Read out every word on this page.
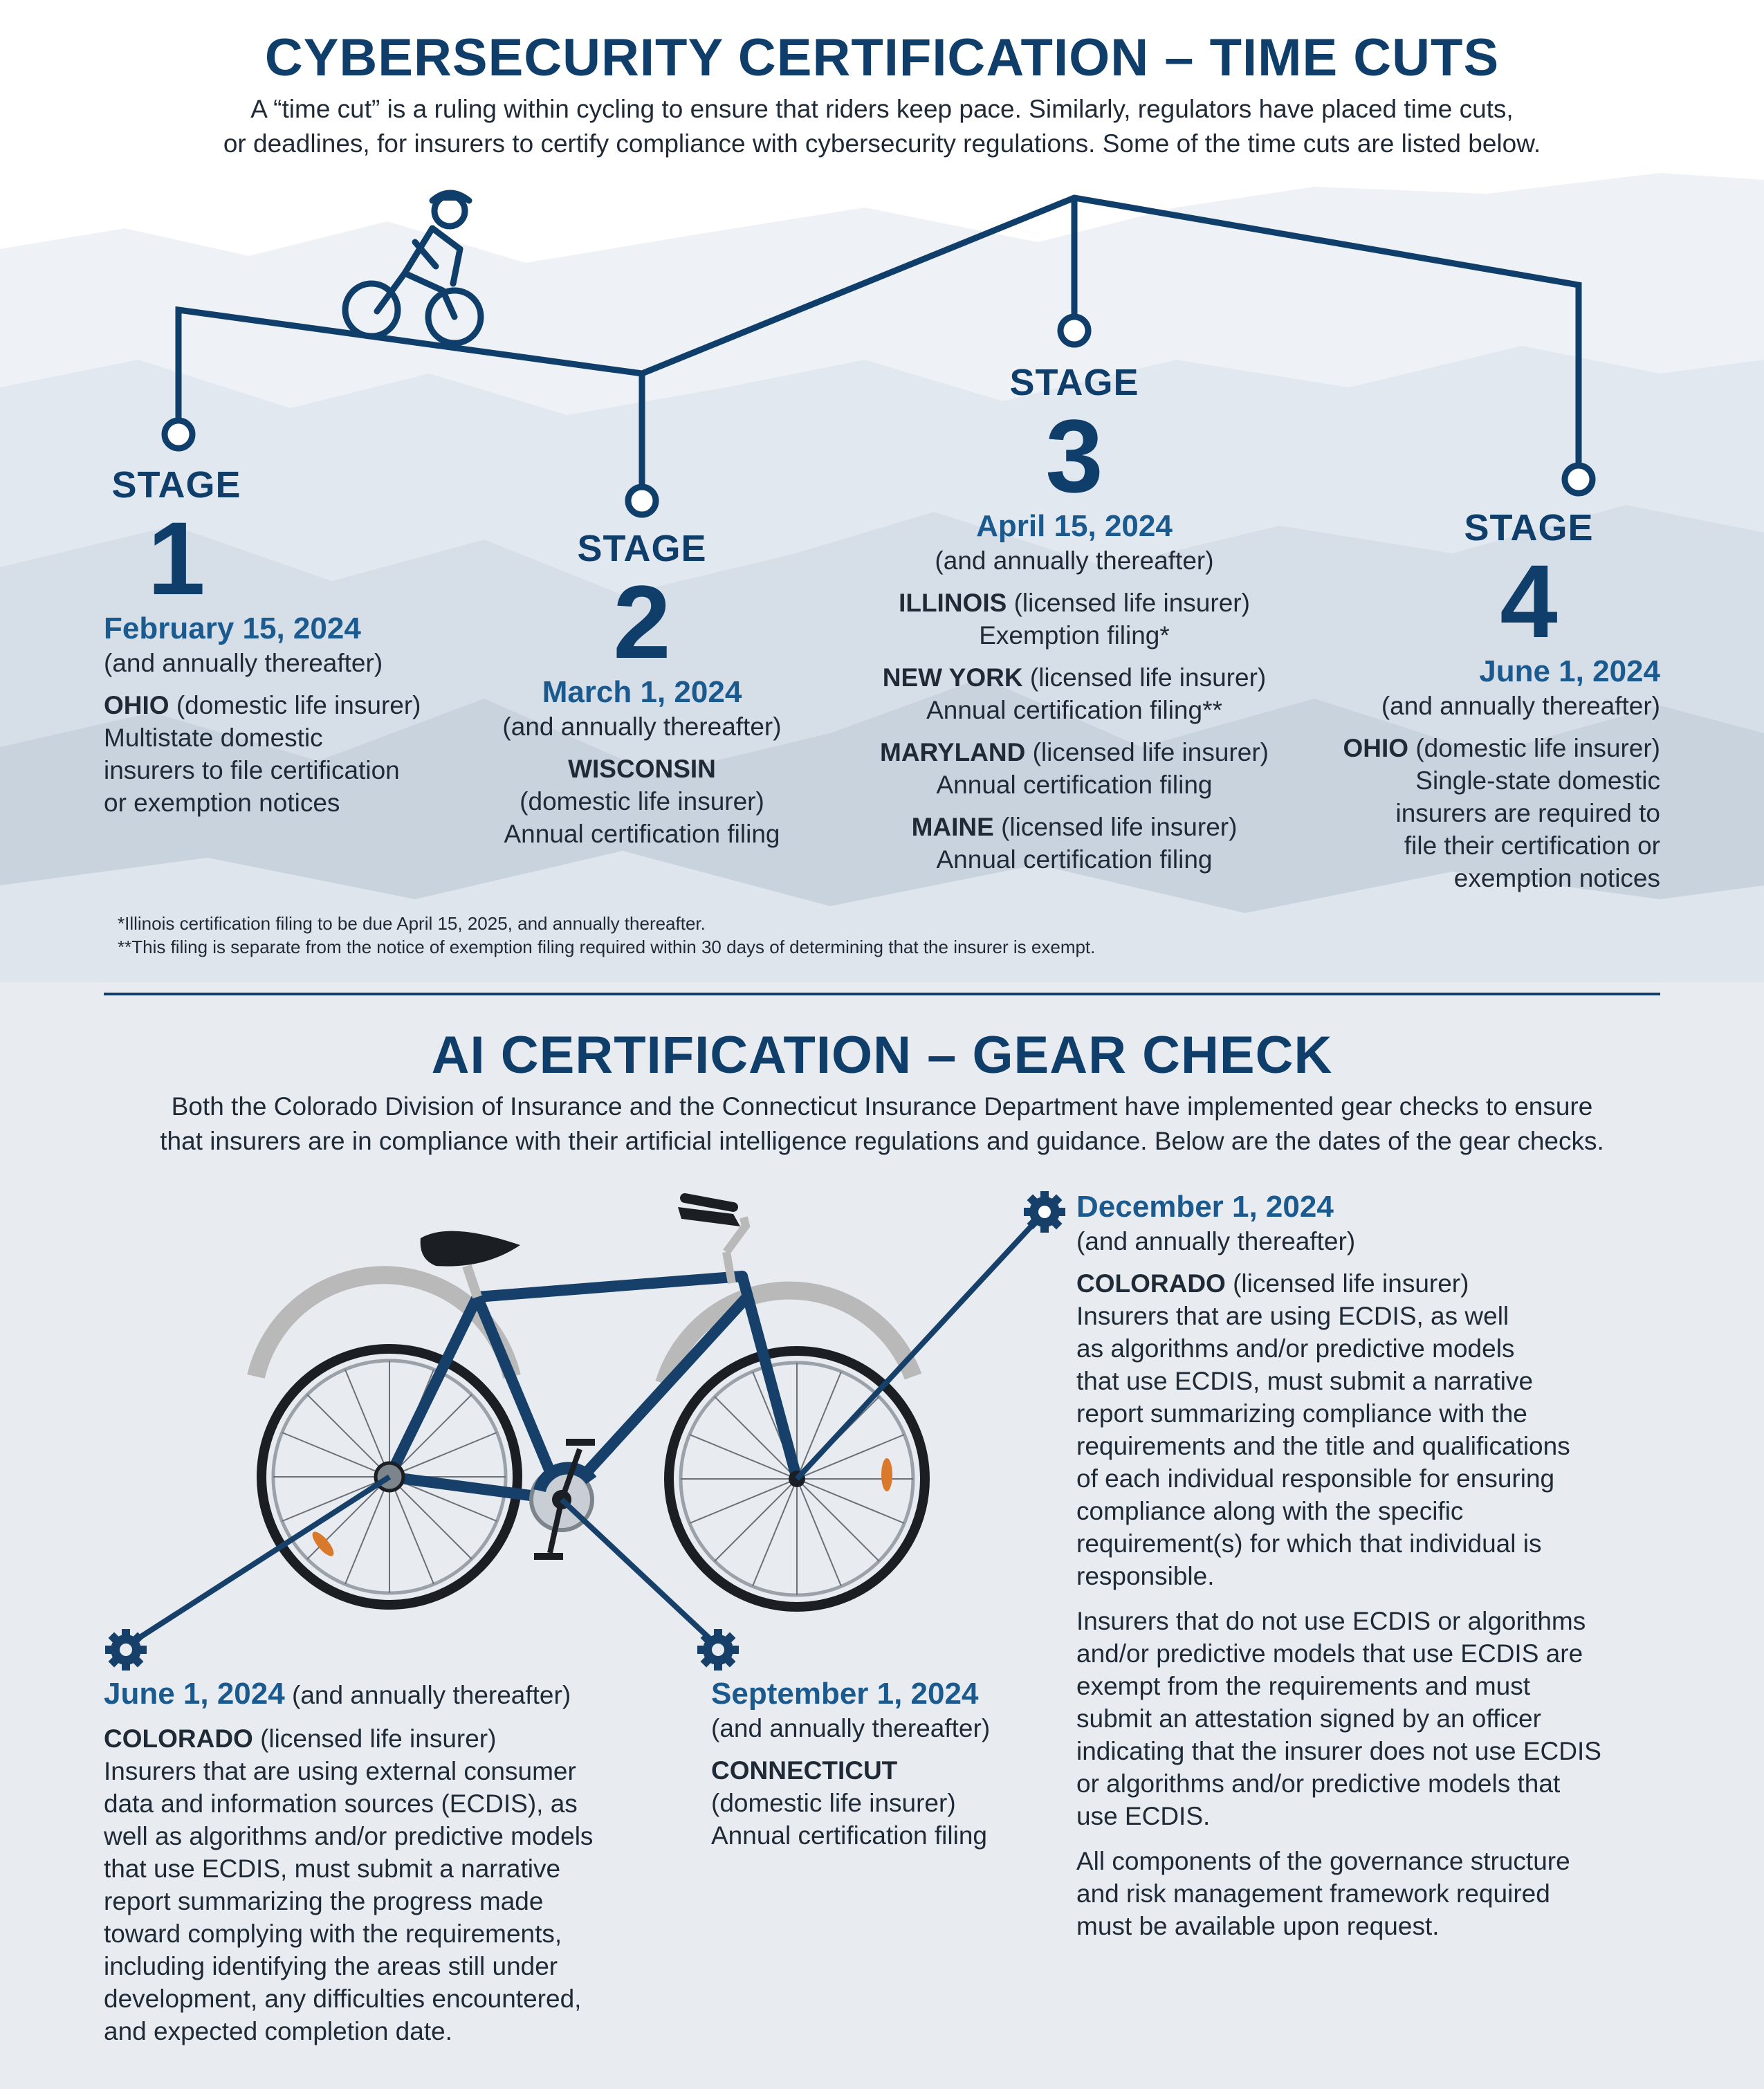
CYBERSECURITY CERTIFICATION – TIME CUTS
A “time cut” is a ruling within cycling to ensure that riders keep pace. Similarly, regulators have placed time cuts,
or deadlines, for insurers to certify compliance with cybersecurity regulations. Some of the time cuts are listed below.
STAGE
1
February 15, 2024
(and annually thereafter)
OHIO (domestic life insurer)
Multistate domestic
insurers to file certification
or exemption notices
STAGE
2
March 1, 2024
(and annually thereafter)
WISCONSIN
(domestic life insurer)
Annual certification filing
STAGE
3
April 15, 2024
(and annually thereafter)
ILLINOIS (licensed life insurer)
Exemption filing*
NEW YORK (licensed life insurer)
Annual certification filing**
MARYLAND (licensed life insurer)
Annual certification filing
MAINE (licensed life insurer)
Annual certification filing
STAGE
4
June 1, 2024
(and annually thereafter)
OHIO (domestic life insurer)
Single-state domestic
insurers are required to
file their certification or
exemption notices
*Illinois certification filing to be due April 15, 2025, and annually thereafter.
**This filing is separate from the notice of exemption filing required within 30 days of determining that the insurer is exempt.
AI CERTIFICATION – GEAR CHECK
Both the Colorado Division of Insurance and the Connecticut Insurance Department have implemented gear checks to ensure
that insurers are in compliance with their artificial intelligence regulations and guidance. Below are the dates of the gear checks.
June 1, 2024 (and annually thereafter)
COLORADO (licensed life insurer)
Insurers that are using external consumer
data and information sources (ECDIS), as
well as algorithms and/or predictive models
that use ECDIS, must submit a narrative
report summarizing the progress made
toward complying with the requirements,
including identifying the areas still under
development, any difficulties encountered,
and expected completion date.
September 1, 2024
(and annually thereafter)
CONNECTICUT
(domestic life insurer)
Annual certification filing
December 1, 2024
(and annually thereafter)
COLORADO (licensed life insurer)
Insurers that are using ECDIS, as well
as algorithms and/or predictive models
that use ECDIS, must submit a narrative
report summarizing compliance with the
requirements and the title and qualifications
of each individual responsible for ensuring
compliance along with the specific
requirement(s) for which that individual is
responsible.
Insurers that do not use ECDIS or algorithms
and/or predictive models that use ECDIS are
exempt from the requirements and must
submit an attestation signed by an officer
indicating that the insurer does not use ECDIS
or algorithms and/or predictive models that
use ECDIS.
All components of the governance structure
and risk management framework required
must be available upon request.
